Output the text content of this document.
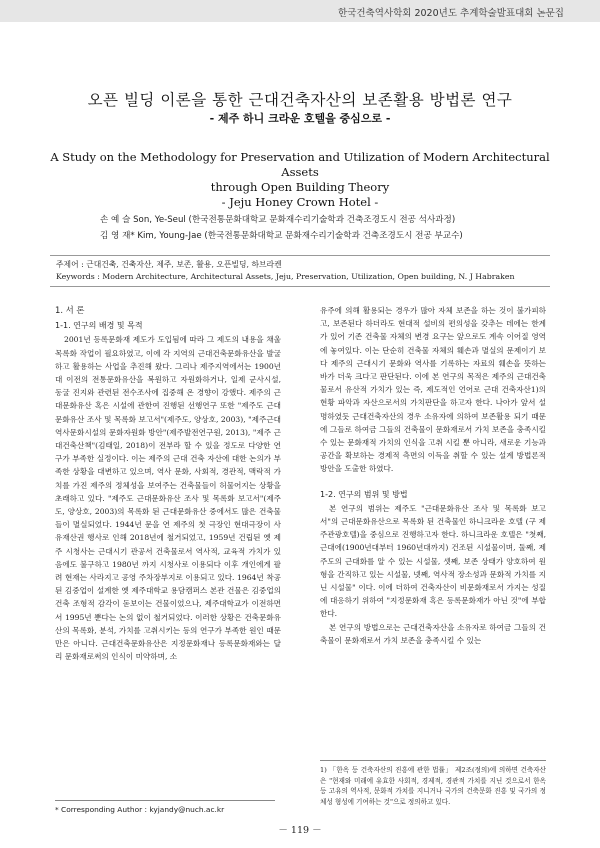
한국건축역사학회 2020년도 추계학술발표대회 논문집
오픈 빌딩 이론을 통한 근대건축자산의 보존활용 방법론 연구
- 제주 하니 크라운 호텔을 중심으로 -
A Study on the Methodology for Preservation and Utilization of Modern Architectural Assets
through Open Building Theory
- Jeju Honey Crown Hotel -
손 예 슬 Son, Ye-Seul (한국전통문화대학교 문화재수리기술학과 건축조경도시 전공 석사과정)
김 영 재* Kim, Young-Jae (한국전통문화대학교 문화재수리기술학과 건축조경도시 전공 부교수)
주제어 : 근대건축, 건축자산, 제주, 보존, 활용, 오픈빌딩, 하브라켄
Keywords : Modern Architecture, Architectural Assets, Jeju, Preservation, Utilization, Open building, N. J Habraken
1. 서 론
1-1. 연구의 배경 및 목적

2001년 등록문화재 제도가 도입됨에 따라 그 제도의 내용을 채울 목록화 작업이 필요하였고, 이에 각 지역의 근대건축문화유산을 발굴하고 활용하는 사업을 추진해 왔다. 그리나 제주지역에서는 1900년대 이전의 전통문화유산을 복원하고 자원화하거나, 일제 군사시설, 동굴 진지와 관련된 전수조사에 집중해 온 경향이 강했다. 제주의 근대문화유산 혹은 시설에 관한여 진행된 선행연구 또한 "제주도 근대문화유산 조사 및 목록화 보고서"(제주도, 양상호, 2003), "제주근대역사문화시설의 문화자원화 방안"(제주발전연구원, 2013), "제주 근대건축산책"(김태일, 2018)이 전부라 할 수 있을 정도로 다양한 연구가 부족한 실정이다. 이는 제주의 근대 건축 자산에 대한 논의가 부족한 상황을 대변하고 있으며, 역사 문화, 사회적, 경관적, 맥락적 가치를 가진 제주의 정체성을 보여주는 건축물들이 허물어지는 상황을 초래하고 있다. "제주도 근대문화유산 조사 및 목록화 보고서"(제주도, 양상호, 2003)의 목록화 된 근대문화유산 중에서도 많은 건축물들이 멸실되었다. 1944년 문을 연 제주의 첫 극장인 현대극장이 사유재산권 행사로 인해 2018년에 철거되었고, 1959년 건립된 옛 제주 시청사는 근대시기 관공서 건축물로서 역사적, 교육적 가치가 있음에도 불구하고 1980년 까지 시청사로 이용되다 이후 개인에게 팔려 현재는 사라지고 공영 주차장부지로 이용되고 있다. 1964년 착공된 김중업이 설계한 옛 제주대학교 용담캠퍼스 본관 건물은 김중업의 건축 조형적 감각이 돋보이는 건물이었으나, 제주대학교가 이전하면서 1995년 뿐다는 논의 없이 철거되었다. 이러한 상황은 건축문화유산의 목록화, 분석, 가치를 고취시키는 등의 연구가 부족한 원인 때문만은 아니다. 근대건축문화유산은 지정문화재나 등록문화재와는 달리 문화재로써의 인식이 미약하며, 소

유주에 의해 활용되는 경우가 많아 자체 보존을 하는 것이 불가피하고, 보존된다 하더라도 현대적 설비의 편의성을 갖추는 데에는 한계가 있어 기존 건축물 자체의 변경 요구는 앞으로도 계속 이어질 영역에 놓여있다. 이는 단순히 건축물 자체의 훼손과 멸실의 문제이기 보다 제주의 근대시기 문화와 역사를 기록하는 자료의 훼손을 뜻하는 바가 더욱 크다고 판단된다. 이에 본 연구의 목적은 제주의 근대건축물로서 유산적 가치가 있는 즉, 제도적인 언어로 근대 건축자산1)의 현황 파악과 자산으로서의 가치판단을 하고자 한다. 나아가 앞서 설명하였듯 근대건축자산의 경우 소유자에 의하여 보존활용 되기 때문에 그들로 하여금 그들의 건축물이 문화재로서 가치 보존을 충족시킬 수 있는 문화재적 가치의 인식을 고취 시킬 뿐 아니라, 새로운 기능과 공간을 확보하는 경제적 측면의 이득을 취할 수 있는 설계 방법론적 방안을 도출한 하였다.

1-2. 연구의 범위 및 방법

본 연구의 범위는 제주도 "근대문화유산 조사 및 목록화 보고서"의 근대문화유산으로 목록화 된 건축물인 하니크라운 호텔 (구 제주관광호텔)을 중심으로 진행하고자 한다. 하니크라운 호텔은 "첫째, 근대에(1900년대부터 1960년대까지) 건조된 시설물이며, 둘째, 제주도의 근대화를 알 수 있는 시설물, 셋째, 보존 상태가 양호하여 원형을 간직하고 있는 시설물, 넷째, 역사적 장소성과 문화적 가치를 지닌 시설물" 이다. 이에 더하여 건축자산이 비문화재로서 가지는 성질에 대응하기 위하여 "지정문화재 혹은 등록문화재가 아닌 것"에 부합한다.

본 연구의 방법으로는 근대건축자산을 소유자로 하여금 그들의 건축물이 문화재로서 가치 보존을 충족시킬 수 있는

* Corresponding Author : kyjandy@nuch.ac.kr
1) 「한옥 등 건축자산의 진흥에 관한 법률」 제2조(정의)에 의하면 건축자산은 "현재와 미래에 유효한 사회적, 경제적, 경관적 가치를 지닌 것으로서 한옥 등 고유의 역사적, 문화적 가치를 지니거나 국가의 건축문화 진흥 및 국가의 정체성 형성에 기여하는 것"으로 정의하고 있다.
－ 119 －
